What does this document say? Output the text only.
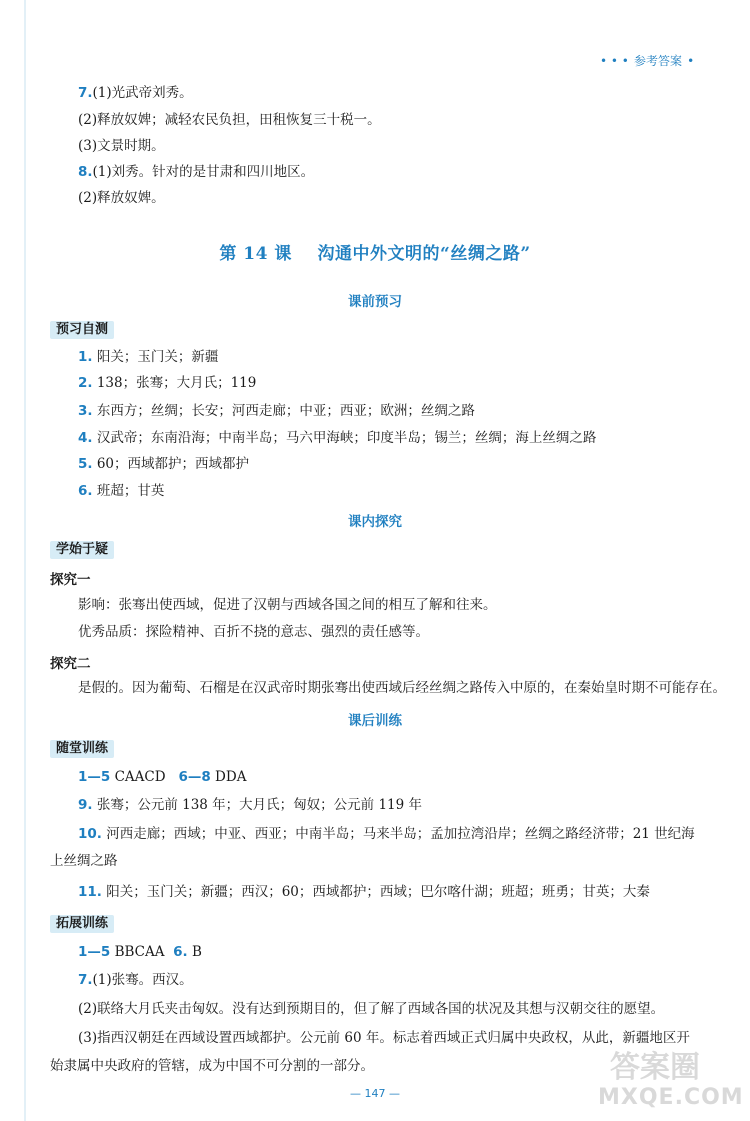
• • • 参考答案 •
7.(1)光武帝刘秀。
(2)释放奴婢；减轻农民负担，田租恢复三十税一。
(3)文景时期。
8.(1)刘秀。针对的是甘肃和四川地区。
(2)释放奴婢。
第 14 课    沟通中外文明的“丝绸之路”
课前预习
预习自测
1. 阳关；玉门关；新疆
2. 138；张骞；大月氏；119
3. 东西方；丝绸；长安；河西走廊；中亚；西亚；欧洲；丝绸之路
4. 汉武帝；东南沿海；中南半岛；马六甲海峡；印度半岛；锡兰；丝绸；海上丝绸之路
5. 60；西域都护；西域都护
6. 班超；甘英
课内探究
学始于疑
探究一
影响：张骞出使西域，促进了汉朝与西域各国之间的相互了解和往来。
优秀品质：探险精神、百折不挠的意志、强烈的责任感等。
探究二
是假的。因为葡萄、石榴是在汉武帝时期张骞出使西域后经丝绸之路传入中原的，在秦始皇时期不可能存在。
课后训练
随堂训练
1—5 CAACD 6—8 DDA
9. 张骞；公元前 138 年；大月氏；匈奴；公元前 119 年
10. 河西走廊；西域；中亚、西亚；中南半岛；马来半岛；孟加拉湾沿岸；丝绸之路经济带；21 世纪海
上丝绸之路
11. 阳关；玉门关；新疆；西汉；60；西域都护；西域；巴尔喀什湖；班超；班勇；甘英；大秦
拓展训练
1—5 BBCAA 6. B
7.(1)张骞。西汉。
(2)联络大月氏夹击匈奴。没有达到预期目的，但了解了西域各国的状况及其想与汉朝交往的愿望。
(3)指西汉朝廷在西域设置西域都护。公元前 60 年。标志着西域正式归属中央政权，从此，新疆地区开
始隶属中央政府的管辖，成为中国不可分割的一部分。
— 147 —
答案圈
MXQE.COM
